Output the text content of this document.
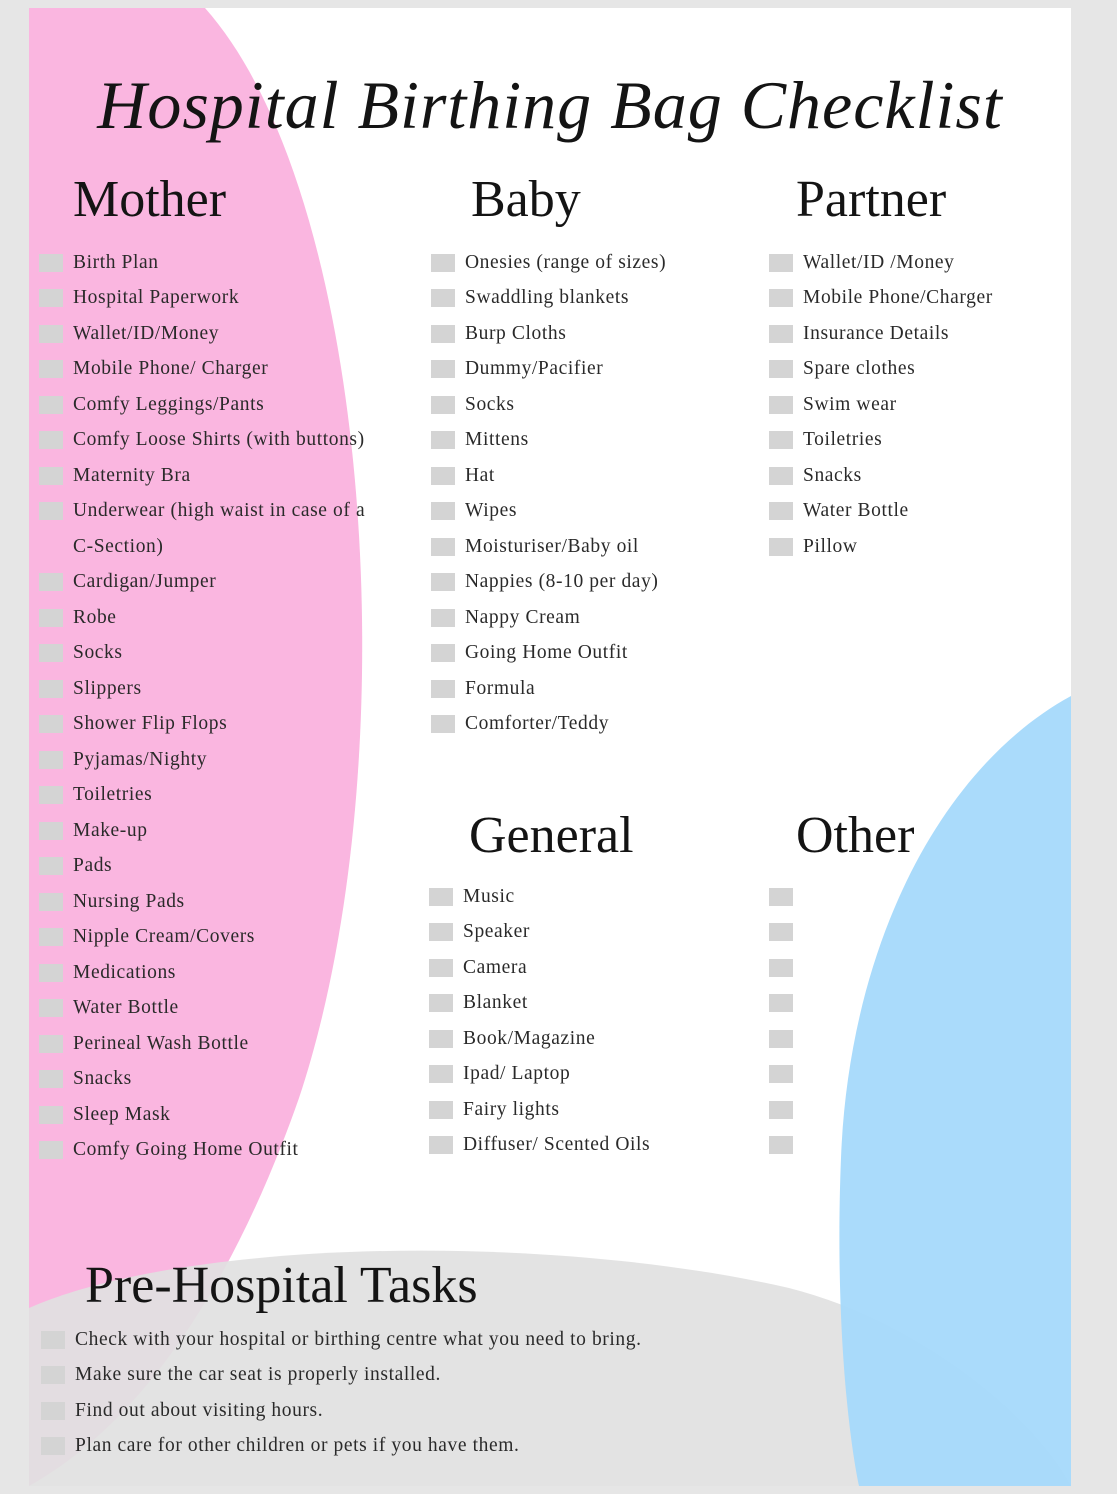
Hospital Birthing Bag Checklist
Mother	Baby	Partner
General	Other
Pre-Hospital Tasks
Birth Plan
Hospital Paperwork
Wallet/ID/Money
Mobile Phone/ Charger
Comfy Leggings/Pants
Comfy Loose Shirts (with buttons)
Maternity Bra
Underwear (high waist in case of a
C-Section)
Cardigan/Jumper
Robe
Socks
Slippers
Shower Flip Flops
Pyjamas/Nighty
Toiletries
Make-up
Pads
Nursing Pads
Nipple Cream/Covers
Medications
Water Bottle
Perineal Wash Bottle
Snacks
Sleep Mask
Comfy Going Home Outfit
Onesies (range of sizes)
Swaddling blankets
Burp Cloths
Dummy/Pacifier
Socks
Mittens
Hat
Wipes
Moisturiser/Baby oil
Nappies (8-10 per day)
Nappy Cream
Going Home Outfit
Formula
Comforter/Teddy
Wallet/ID /Money
Mobile Phone/Charger
Insurance Details
Spare clothes
Swim wear
Toiletries
Snacks
Water Bottle
Pillow
Music
Speaker
Camera
Blanket
Book/Magazine
Ipad/ Laptop
Fairy lights
Diffuser/ Scented Oils
Check with your hospital or birthing centre what you need to bring.
Make sure the car seat is properly installed.
Find out about visiting hours.
Plan care for other children or pets if you have them.
